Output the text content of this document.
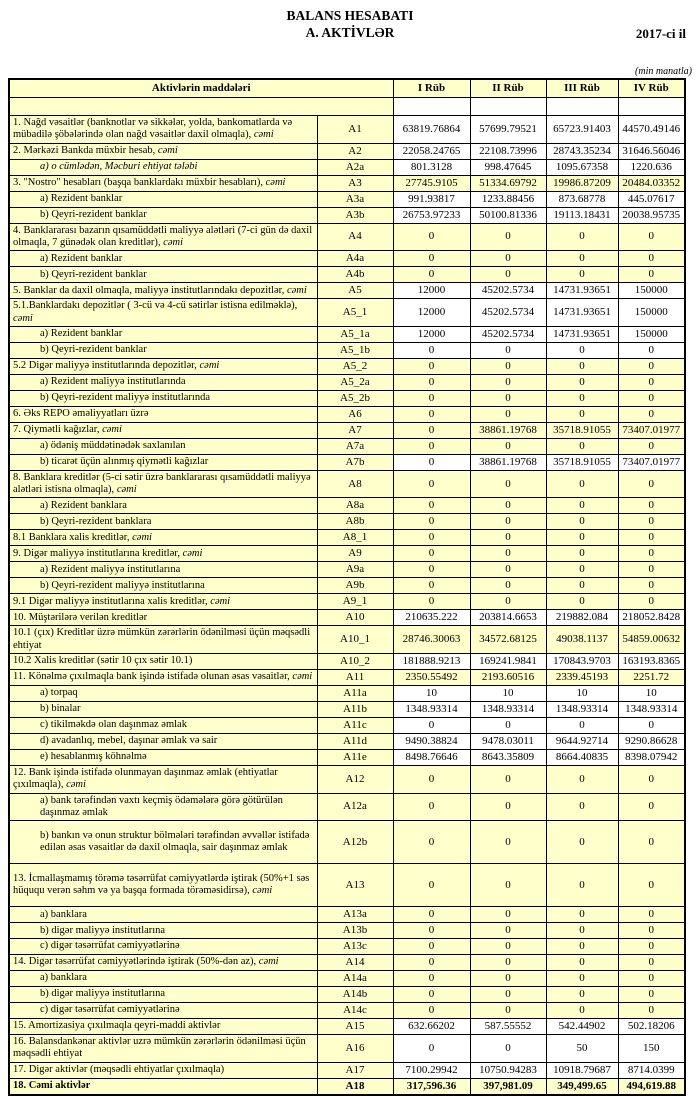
BALANS HESABATI
A. AKTİVLƏR	2017-ci il
(min manatla)
Aktivlərin maddələri		I Rüb	II Rüb	III Rüb	IV Rüb

1. Nağd vəsaitlər (banknotlar və sikkələr, yolda, bankomatlarda və mübadilə şöbələrində olan nağd vəsaitlər daxil olmaqla), cəmi	A1	63819.76864	57699.79521	65723.91403	44570.49146
2. Mərkəzi Bankda müxbir hesab, cəmi	A2	22058.24765	22108.73996	28743.35234	31646.56046
a) o cümlədən, Məcburi ehtiyat tələbi	A2a	801.3128	998.47645	1095.67358	1220.636
3. "Nostro" hesabları (başqa banklardakı müxbir hesabları), cəmi	A3	27745.9105	51334.69792	19986.87209	20484.03352
a) Rezident banklar	A3a	991.93817	1233.88456	873.68778	445.07617
b) Qeyri-rezident banklar	A3b	26753.97233	50100.81336	19113.18431	20038.95735
4. Banklararası bazarın qısamüddətli maliyyə alətləri (7-ci gün də daxil olmaqla, 7 günədək olan kreditlər), cəmi	A4	0	0	0	0
a) Rezident banklar	A4a	0	0	0	0
b) Qeyri-rezident banklar	A4b	0	0	0	0
5. Banklar da daxil olmaqla, maliyyə institutlarındakı depozitlər, cəmi	A5	12000	45202.5734	14731.93651	150000
5.1.Banklardakı depozitlər ( 3-cü və 4-cü sətirlər istisna edilməklə), cəmi	A5_1	12000	45202.5734	14731.93651	150000
a) Rezident banklar	A5_1a	12000	45202.5734	14731.93651	150000
b) Qeyri-rezident banklar	A5_1b	0	0	0	0
5.2 Digər maliyyə institutlarında depozitlər, cəmi	A5_2	0	0	0	0
a) Rezident maliyyə institutlarında	A5_2a	0	0	0	0
b) Qeyri-rezident maliyyə institutlarında	A5_2b	0	0	0	0
6. Əks REPO əməliyyatları üzrə	A6	0	0	0	0
7. Qiymətli kağızlar, cəmi	A7	0	38861.19768	35718.91055	73407.01977
a) ödəniş müddətinədək saxlanılan	A7a	0	0	0	0
b) ticarət üçün alınmış qiymətli kağızlar	A7b	0	38861.19768	35718.91055	73407.01977
8. Banklara kreditlər (5-ci sətir üzrə banklararası qısamüddətli maliyyə alətləri istisna olmaqla), cəmi	A8	0	0	0	0
a) Rezident banklara	A8a	0	0	0	0
b) Qeyri-rezident banklara	A8b	0	0	0	0
8.1 Banklara xalis kreditlər, cəmi	A8_1	0	0	0	0
9. Digər maliyyə institutlarına kreditlər, cəmi	A9	0	0	0	0
a) Rezident maliyyə institutlarına	A9a	0	0	0	0
b) Qeyri-rezident maliyyə institutlarına	A9b	0	0	0	0
9.1 Digər maliyyə institutlarına xalis kreditlər, cəmi	A9_1	0	0	0	0
10. Müştərilərə verilən kreditlər	A10	210635.222	203814.6653	219882.084	218052.8428
10.1 (çıx) Kreditlər üzrə mümkün zərərlərin ödənilməsi üçün məqsədli ehtiyat	A10_1	28746.30063	34572.68125	49038.1137	54859.00632
10.2 Xalis kreditlər (sətir 10 çıx sətir 10.1)	A10_2	181888.9213	169241.9841	170843.9703	163193.8365
11. Könəlmə çıxılmaqla bank işində istifadə olunan əsas vəsaitlər, cəmi	A11	2350.55492	2193.60516	2339.45193	2251.72
a) torpaq	A11a	10	10	10	10
b) binalar	A11b	1348.93314	1348.93314	1348.93314	1348.93314
c) tikilməkdə olan daşınmaz əmlak	A11c	0	0	0	0
d) avadanlıq, mebel, daşınar əmlak və sair	A11d	9490.38824	9478.03011	9644.92714	9290.86628
e) hesablanmış köhnəlmə	A11e	8498.76646	8643.35809	8664.40835	8398.07942
12. Bank işində istifadə olunmayan daşınmaz əmlak (ehtiyatlar çıxılmaqla), cəmi	A12	0	0	0	0
a) bank tərəfindən vaxtı keçmiş ödəmələrə görə götürülən daşınmaz əmlak	A12a	0	0	0	0
b) bankın və onun struktur bölmələri tərəfindən əvvəllər istifadə edilən əsas vəsaitlər də daxil olmaqla, sair daşınmaz əmlak	A12b	0	0	0	0
13. İcmallaşmamış törəmə təsərrüfat cəmiyyətlərdə iştirak (50%+1 səs hüququ verən səhm və ya başqa formada törəməsidirsə), cəmi	A13	0	0	0	0
a) banklara	A13a	0	0	0	0
b) digər maliyyə institutlarına	A13b	0	0	0	0
c) digər təsərrüfat cəmiyyətlərinə	A13c	0	0	0	0
14. Digər təsərrüfat cəmiyyətlərində iştirak (50%-dən az), cəmi	A14	0	0	0	0
a) banklara	A14a	0	0	0	0
b) digər maliyyə institutlarına	A14b	0	0	0	0
c) digər təsərrüfat cəmiyyətlərinə	A14c	0	0	0	0
15. Amortizasiya çıxılmaqla qeyri-maddi aktivlər	A15	632.66202	587.55552	542.44902	502.18206
16. Balansdankənar aktivlər uzrə mümkün zərərlərin ödənilməsi üçün məqsədli ehtiyat	A16	0	0	50	150
17. Digər aktivlər (məqsədli ehtiyatlar çıxılmaqla)	A17	7100.29942	10750.94283	10918.79687	8714.0399
18. Cəmi aktivlər	A18	317,596.36	397,981.09	349,499.65	494,619.88
